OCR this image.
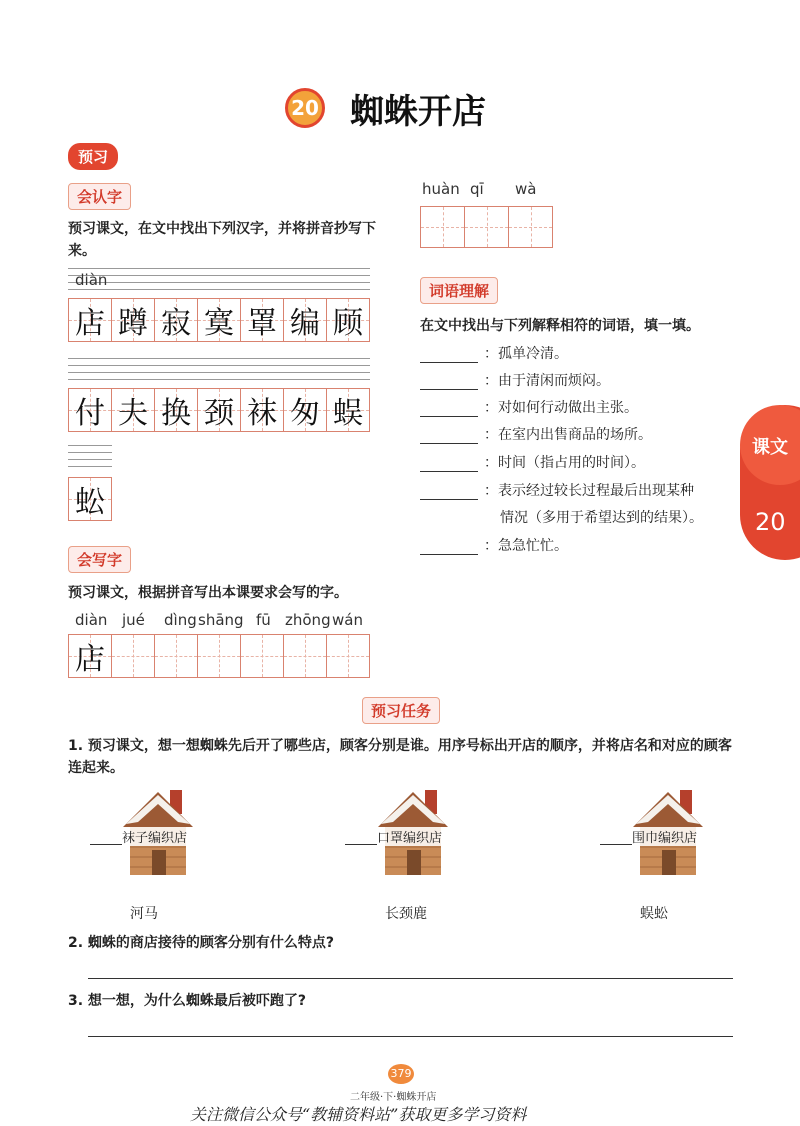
20 蜘蛛开店
预习
会认字
预习课文，在文中找出下列汉字，并将拼音抄写下来。
diàn
会写字
预习课文，根据拼音写出本课要求会写的字。
词语理解
在文中找出与下列解释相符的词语，填一填。
课文
20
预习任务
1. 预习课文，想一想蜘蛛先后开了哪些店，顾客分别是谁。用序号标出开店的顺序，并将店名和对应的顾客连起来。
2. 蜘蛛的商店接待的顾客分别有什么特点?
3. 想一想，为什么蜘蛛最后被吓跑了?
379
二年级·下·蜘蛛开店
关注微信公众号“教辅资料站”获取更多学习资料
店 蹲 寂 寞 罩 编 顾
付 夫 换 颈 袜 匆 蜈
蚣
diàn jué dìng shāng fū zhōng wán
店
huàn qī wà
：孤单冷清。
：由于清闲而烦闷。
：对如何行动做出主张。
：在室内出售商品的场所。
：时间（指占用的时间）。
：表示经过较长过程最后出现某种
：急急忙忙。
情况（多用于希望达到的结果）。
袜子编织店
河马
口罩编织店
长颈鹿
围巾编织店
蜈蚣
